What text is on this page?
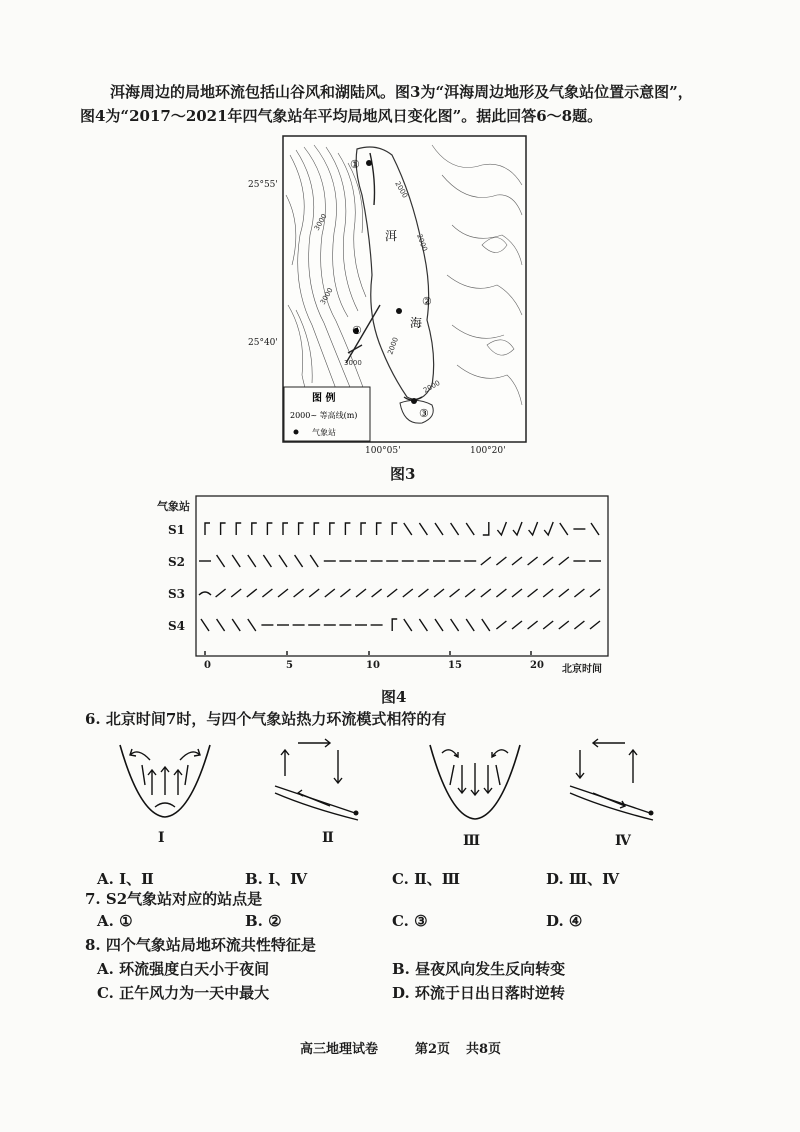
洱海周边的局地环流包括山谷风和湖陆风。图3为“洱海周边地形及气象站位置示意图”，

图4为“2017～2021年四气象站年平均局地风日变化图”。据此回答6～8题。

洱
海
2000
3000
2000
3000
2000
2000
3000
①
②
③
④
图 例
2000~ 等高线(m)
气象站
25°55'
25°40'
100°05'	100°20'
图3
气象站
S1
S2
S3
S4
0	5	10	15	20 北京时间
图4
6. 北京时间7时，与四个气象站热力环流模式相符的有
Ⅰ	Ⅱ	Ⅲ	Ⅳ
A. Ⅰ、Ⅱ	B. Ⅰ、Ⅳ	C. Ⅱ、Ⅲ	D. Ⅲ、Ⅳ
7. S2气象站对应的站点是
A. ①	B. ②	C. ③	D. ④
8. 四个气象站局地环流共性特征是
A. 环流强度白天小于夜间	B. 昼夜风向发生反向转变
C. 正午风力为一天中最大	D. 环流于日出日落时逆转
高三地理试卷	第2页 共8页
